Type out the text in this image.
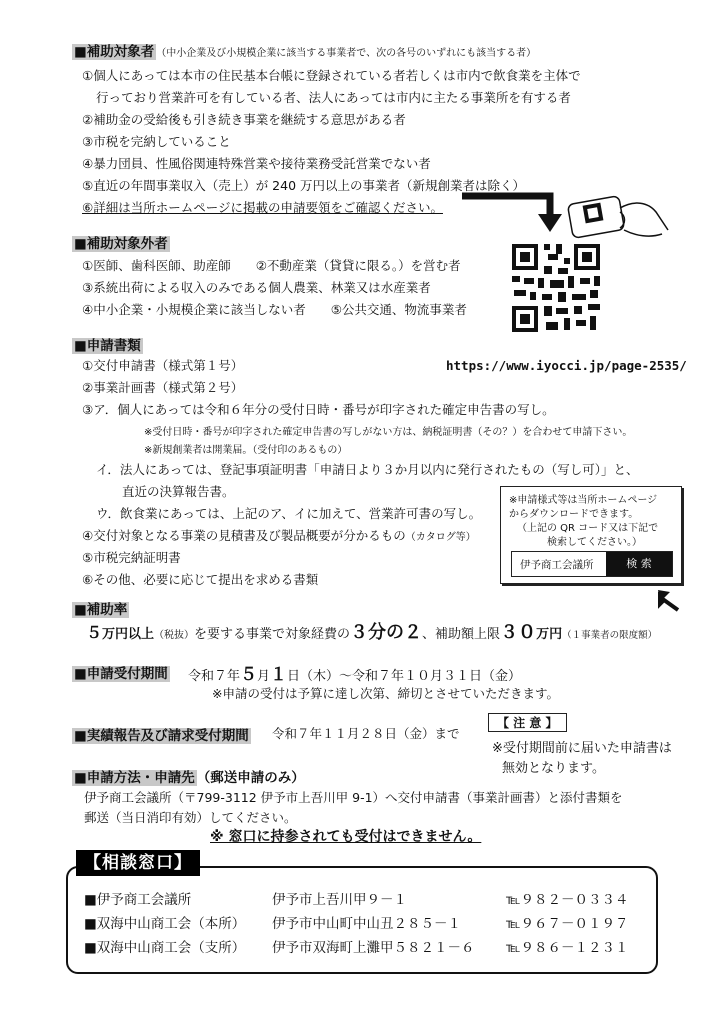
■補助対象者 （中小企業及び小規模企業に該当する事業者で、次の各号のいずれにも該当する者）
①個人にあっては本市の住民基本台帳に登録されている者若しくは市内で飲食業を主体で
行っており営業許可を有している者、法人にあっては市内に主たる事業所を有する者
②補助金の受給後も引き続き事業を継続する意思がある者
③市税を完納していること
④暴力団員、性風俗関連特殊営業や接待業務受託営業でない者
⑤直近の年間事業収入（売上）が 240 万円以上の事業者（新規創業者は除く）
⑥詳細は当所ホームページに掲載の申請要領をご確認ください。
■補助対象外者
①医師、歯科医師、助産師　　②不動産業（貸貸に限る。）を営む者
③系統出荷による収入のみである個人農業、林業又は水産業者
④中小企業・小規模企業に該当しない者　　⑤公共交通、物流事業者
■申請書類
https://www.iyocci.jp/page-2535/
①交付申請書（様式第１号）
②事業計画書（様式第２号）
③ア．個人にあっては令和６年分の受付日時・番号が印字された確定申告書の写し。
※受付日時・番号が印字された確定申告書の写しがない方は、納税証明書（その？）を合わせて申請下さい。
※新規創業者は開業届。（受付印のあるもの）
イ．法人にあっては、登記事項証明書「申請日より３か月以内に発行されたもの（写し可）」と、
直近の決算報告書。
ウ．飲食業にあっては、上記のア、イに加えて、営業許可書の写し。
④交付対象となる事業の見積書及び製品概要が分かるもの（カタログ等）
⑤市税完納証明書
⑥その他、必要に応じて提出を求める書類
※申請様式等は当所ホームページ
からダウンロードできます。
（上記の QR コード又は下記で
検索してください。）
伊予商工会議所	検 索
■補助率
５万円以上（税抜）を要する事業で対象経費の３分の２、補助額上限３０万円（１事業者の限度額）
■申請受付期間 令和７年５月１日（木）～令和７年１０月３１日（金）
※申請の受付は予算に達し次第、締切とさせていただきます。
■実績報告及び請求受付期間 令和７年１１月２８日（金）まで
【 注 意 】
※受付期間前に届いた申請書は
無効となります。
■申請方法・申請先 （郵送申請のみ）
伊予商工会議所（〒799-3112 伊予市上吾川甲 9-1）へ交付申請書（事業計画書）と添付書類を
郵送（当日消印有効）してください。
※ 窓口に持参されても受付はできません。
【相談窓口】
■伊予商工会議所	伊予市上吾川甲９－１	℡９８２－０３３４
■双海中山商工会（本所） 伊予市中山町中山丑２８５－１	℡９６７－０１９７
■双海中山商工会（支所） 伊予市双海町上灘甲５８２１－６ ℡９８６－１２３１
